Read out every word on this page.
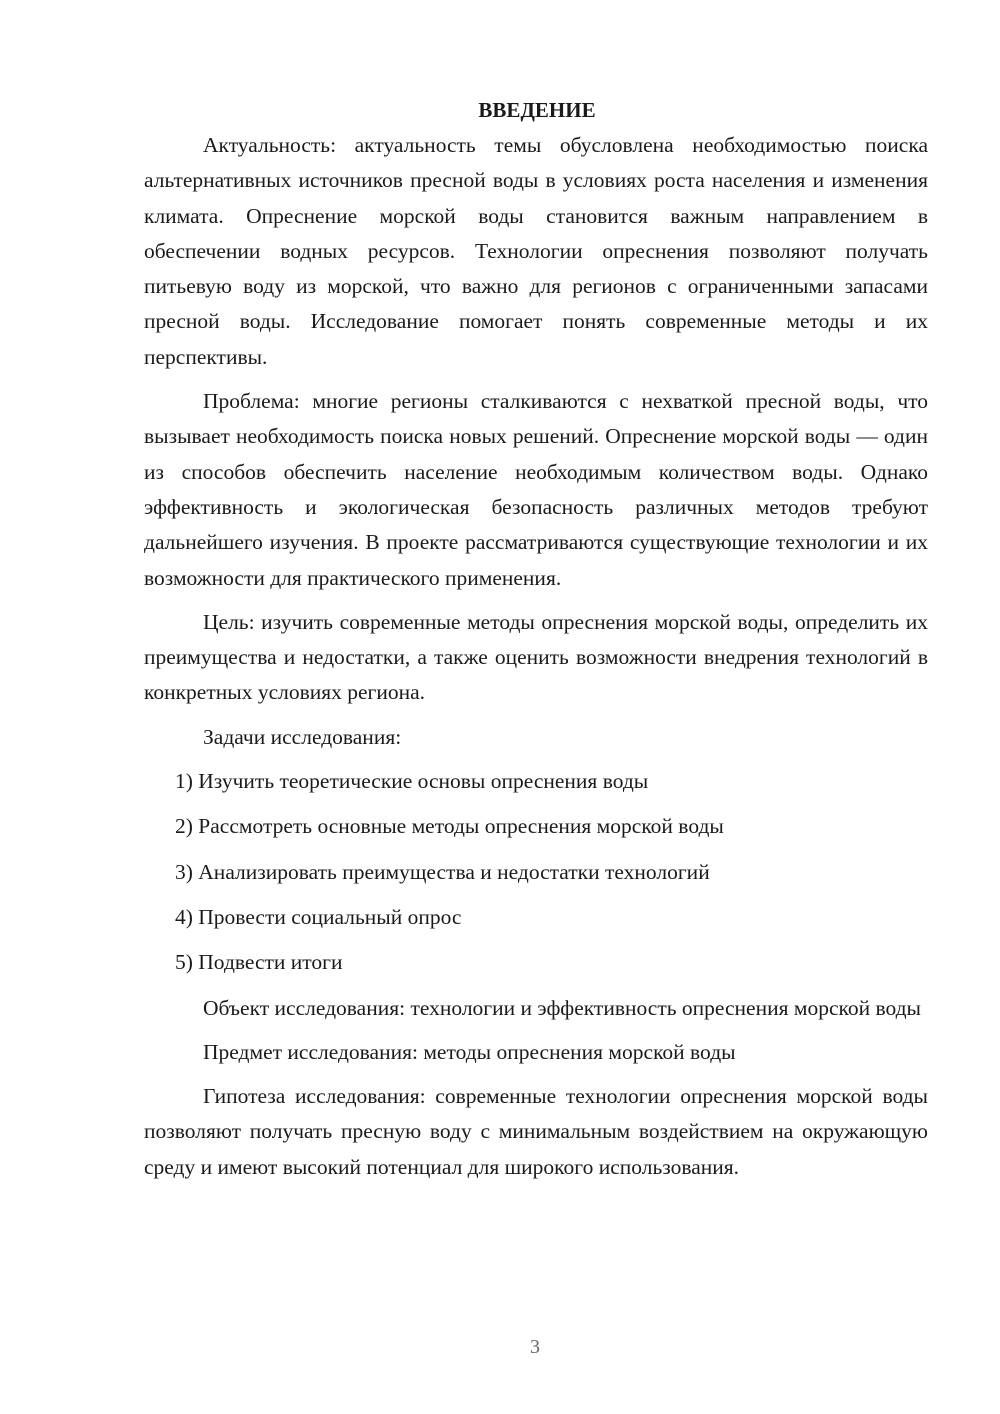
ВВЕДЕНИЕ

Актуальность: актуальность темы обусловлена необходимостью поиска альтернативных источников пресной воды в условиях роста населения и изменения климата. Опреснение морской воды становится важным направлением в обеспечении водных ресурсов. Технологии опреснения позволяют получать питьевую воду из морской, что важно для регионов с ограниченными запасами пресной воды. Исследование помогает понять современные методы и их перспективы.

Проблема: многие регионы сталкиваются с нехваткой пресной воды, что вызывает необходимость поиска новых решений. Опреснение морской воды — один из способов обеспечить население необходимым количеством воды. Однако эффективность и экологическая безопасность различных методов требуют дальнейшего изучения. В проекте рассматриваются существующие технологии и их возможности для практического применения.

Цель: изучить современные методы опреснения морской воды, определить их преимущества и недостатки, а также оценить возможности внедрения технологий в конкретных условиях региона.

Задачи исследования:

1) Изучить теоретические основы опреснения воды
2) Рассмотреть основные методы опреснения морской воды
3) Анализировать преимущества и недостатки технологий
4) Провести социальный опрос
5) Подвести итоги

Объект исследования: технологии и эффективность опреснения морской воды

Предмет исследования: методы опреснения морской воды

Гипотеза исследования: современные технологии опреснения морской воды позволяют получать пресную воду с минимальным воздействием на окружающую среду и имеют высокий потенциал для широкого использования.

3
